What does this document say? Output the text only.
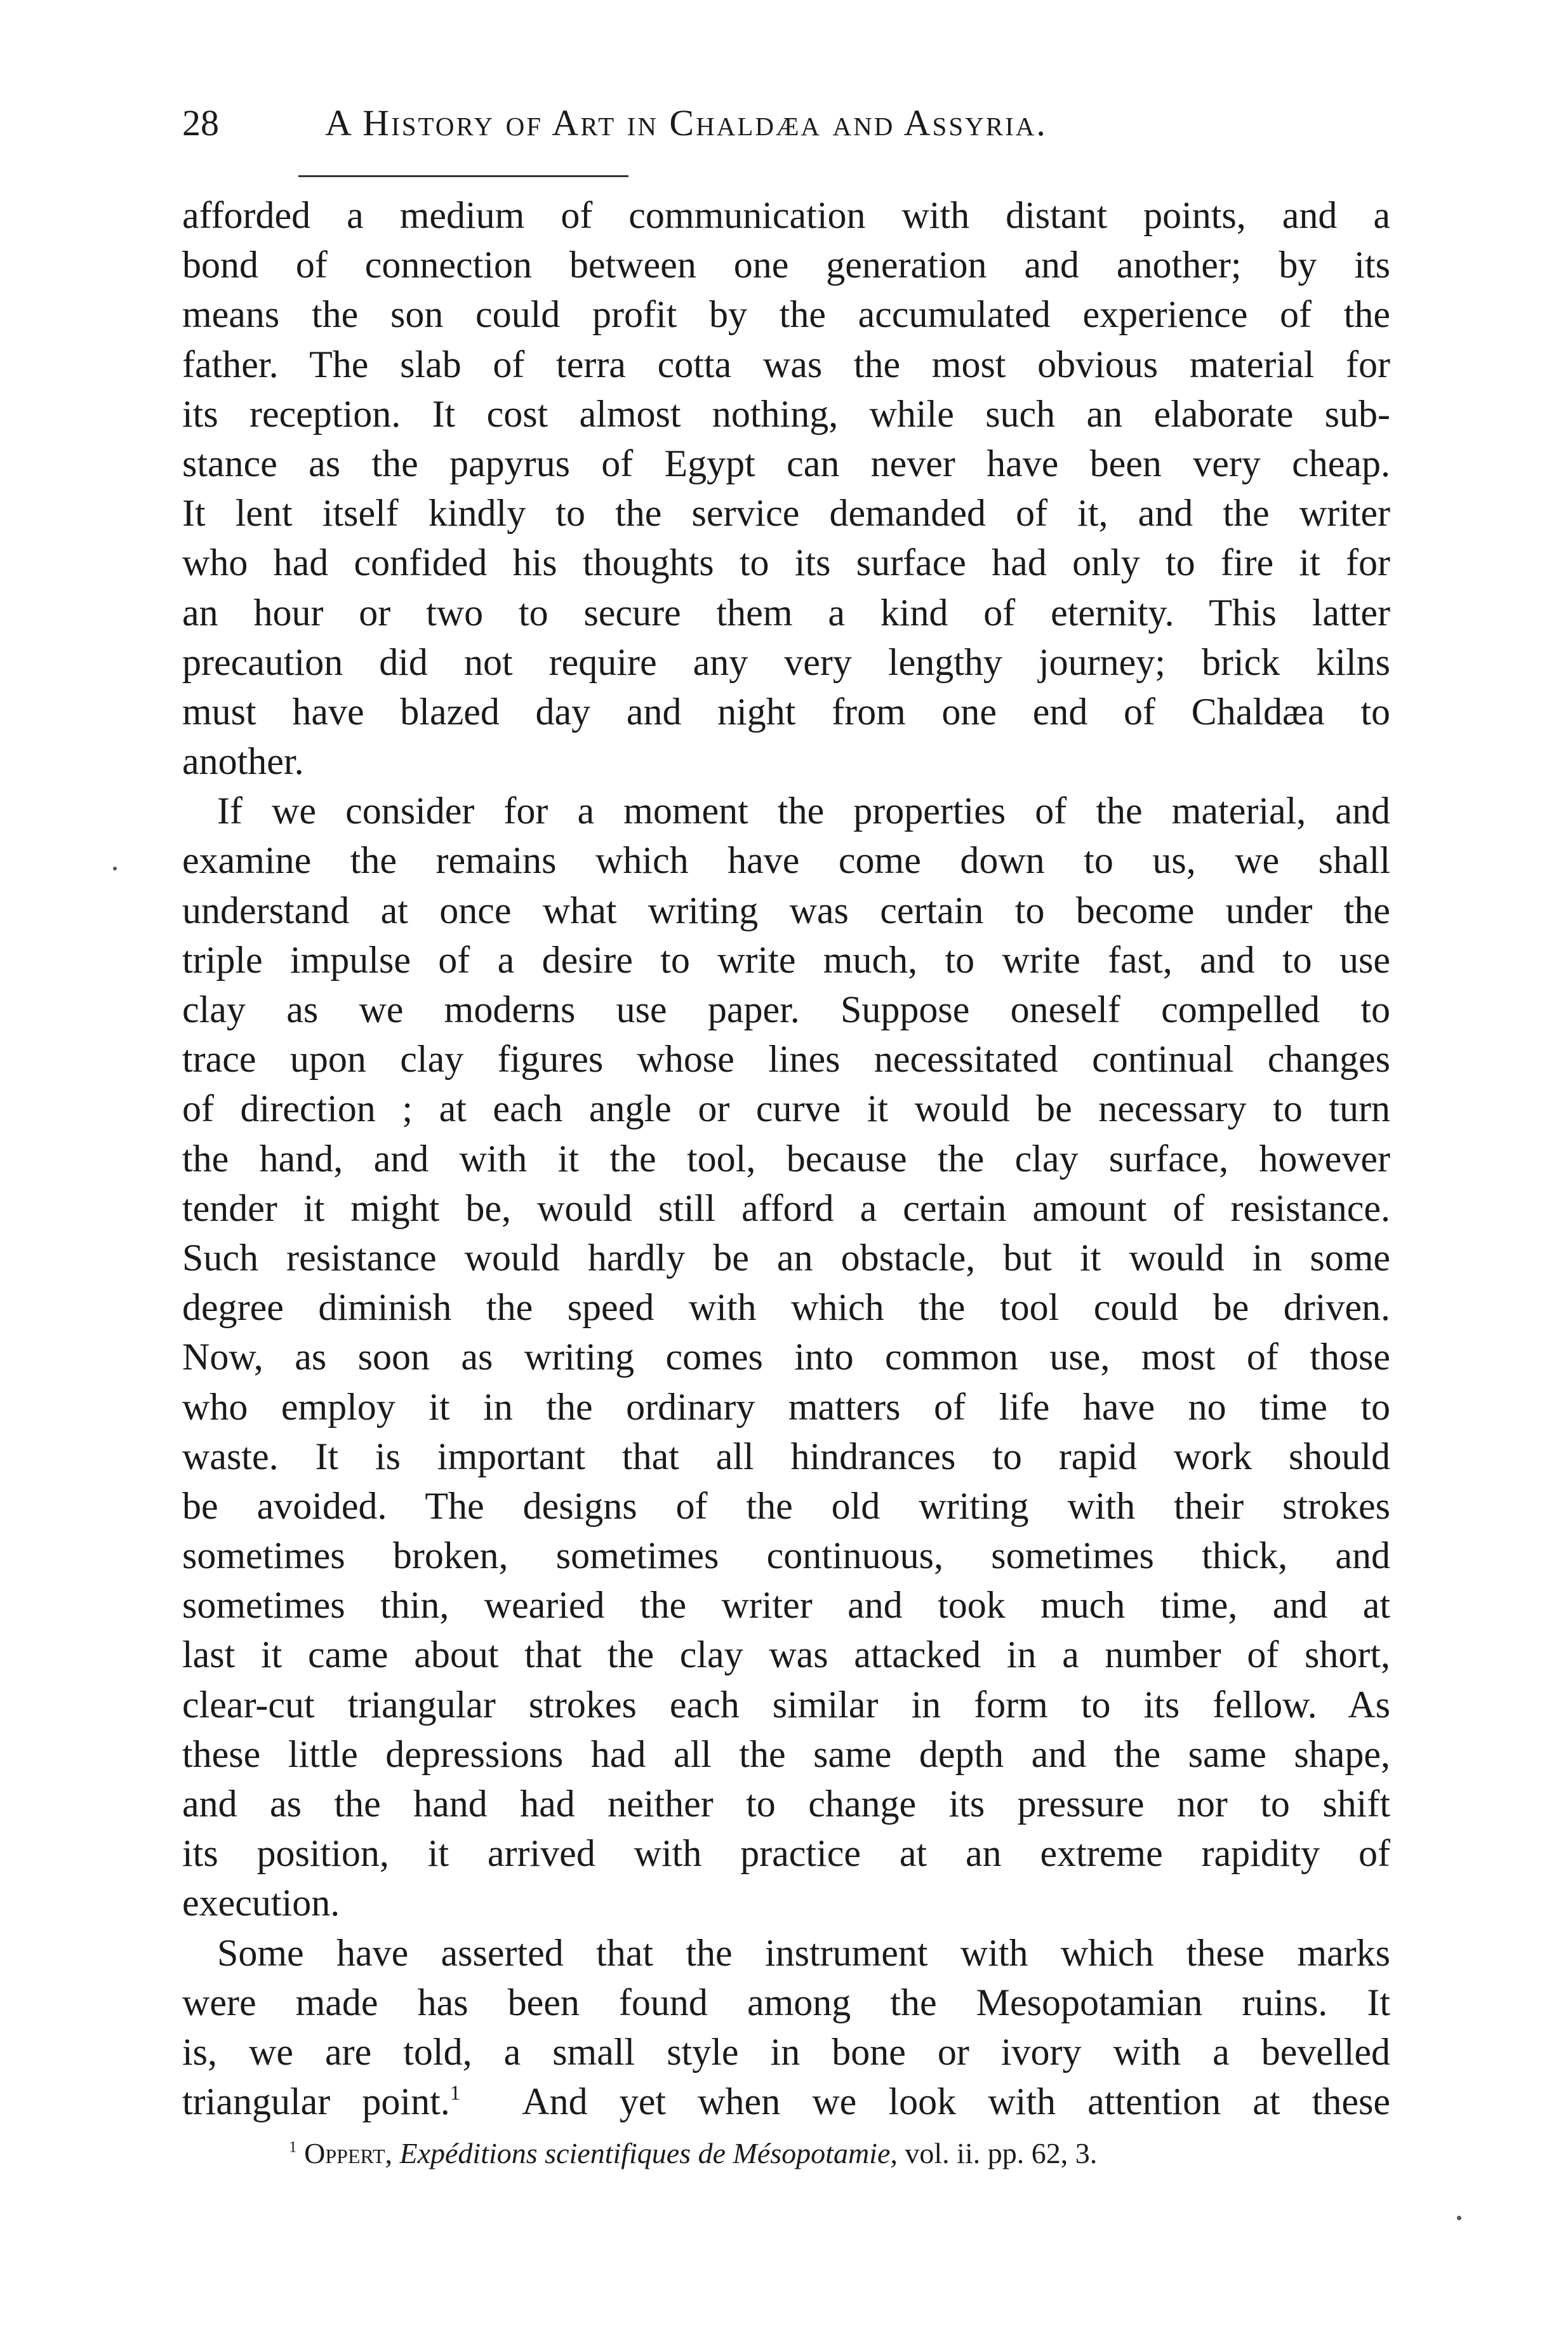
28	A History of Art in Chaldæa and Assyria.
afforded a medium of communication with distant points, and a
bond of connection between one generation and another; by its
means the son could profit by the accumulated experience of the
father. The slab of terra cotta was the most obvious material for
its reception. It cost almost nothing, while such an elaborate sub-
stance as the papyrus of Egypt can never have been very cheap.
It lent itself kindly to the service demanded of it, and the writer
who had confided his thoughts to its surface had only to fire it for
an hour or two to secure them a kind of eternity. This latter
precaution did not require any very lengthy journey; brick kilns
must have blazed day and night from one end of Chaldæa to
another.
If we consider for a moment the properties of the material, and
examine the remains which have come down to us, we shall
understand at once what writing was certain to become under the
triple impulse of a desire to write much, to write fast, and to use
clay as we moderns use paper. Suppose oneself compelled to
trace upon clay figures whose lines necessitated continual changes
of direction ; at each angle or curve it would be necessary to turn
the hand, and with it the tool, because the clay surface, however
tender it might be, would still afford a certain amount of resistance.
Such resistance would hardly be an obstacle, but it would in some
degree diminish the speed with which the tool could be driven.
Now, as soon as writing comes into common use, most of those
who employ it in the ordinary matters of life have no time to
waste. It is important that all hindrances to rapid work should
be avoided. The designs of the old writing with their strokes
sometimes broken, sometimes continuous, sometimes thick, and
sometimes thin, wearied the writer and took much time, and at
last it came about that the clay was attacked in a number of short,
clear-cut triangular strokes each similar in form to its fellow. As
these little depressions had all the same depth and the same shape,
and as the hand had neither to change its pressure nor to shift
its position, it arrived with practice at an extreme rapidity of
execution.
Some have asserted that the instrument with which these marks
were made has been found among the Mesopotamian ruins. It
is, we are told, a small style in bone or ivory with a bevelled
triangular point.$^1$  And yet when we look with attention at these
$^1$ Oppert, Expéditions scientifiques de Mésopotamie, vol. ii. pp. 62, 3.
